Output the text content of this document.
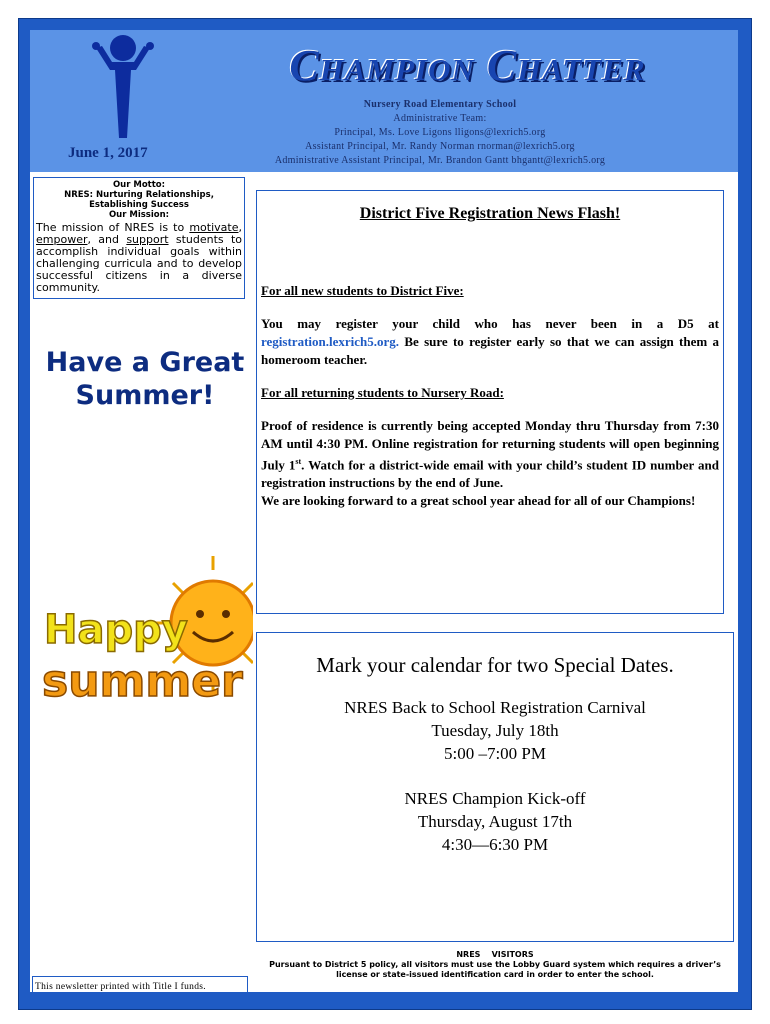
Champion Chatter
Nursery Road Elementary School
Administrative Team:
Principal, Ms. Love Ligons lligons@lexrich5.org
Assistant Principal, Mr. Randy Norman rnorman@lexrich5.org
Administrative Assistant Principal, Mr. Brandon Gantt bhgantt@lexrich5.org
June 1, 2017
Our Motto:
NRES: Nurturing Relationships, Establishing Success
Our Mission:
The mission of NRES is to motivate, empower, and support students to accomplish individual goals within challenging curricula and to develop successful citizens in a diverse community.
Have a Great
Summer!
Happy
summer
District Five Registration News Flash!
For all new students to District Five:

You may register your child who has never been in a D5 at registration.lexrich5.org. Be sure to register early so that we can assign them a homeroom teacher.

For all returning students to Nursery Road:

Proof of residence is currently being accepted Monday thru Thursday from 7:30 AM until 4:30 PM. Online registration for returning students will open beginning July 1st. Watch for a district-wide email with your child’s student ID number and registration instructions by the end of June.

We are looking forward to a great school year ahead for all of our Champions!

Mark your calendar for two Special Dates.
NRES Back to School Registration Carnival
Tuesday, July 18th
5:00 –7:00 PM
NRES Champion Kick-off
Thursday, August 17th
4:30—6:30 PM
This newsletter printed with Title I funds.
NRES    VISITORS
Pursuant to District 5 policy, all visitors must use the Lobby Guard system which requires a driver’s license or state-issued identification card in order to enter the school.
